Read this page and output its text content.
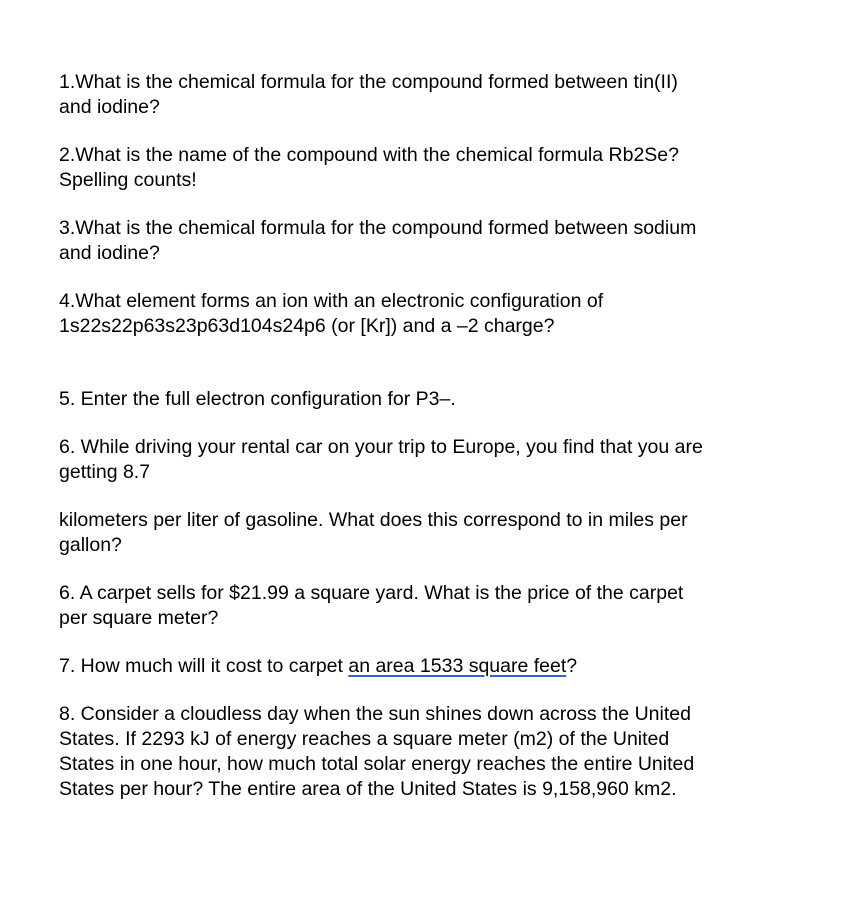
1.What is the chemical formula for the compound formed between tin(II)
and iodine?
2.What is the name of the compound with the chemical formula Rb2Se?
Spelling counts!
3.What is the chemical formula for the compound formed between sodium
and iodine?
4.What element forms an ion with an electronic configuration of
1s22s22p63s23p63d104s24p6 (or [Kr]) and a –2 charge?
5. Enter the full electron configuration for P3–.
6. While driving your rental car on your trip to Europe, you find that you are
getting 8.7
kilometers per liter of gasoline. What does this correspond to in miles per
gallon?
6. A carpet sells for $21.99 a square yard. What is the price of the carpet
per square meter?
7. How much will it cost to carpet an area 1533 square feet?
8. Consider a cloudless day when the sun shines down across the United
States. If 2293 kJ of energy reaches a square meter (m2) of the United
States in one hour, how much total solar energy reaches the entire United
States per hour? The entire area of the United States is 9,158,960 km2.
